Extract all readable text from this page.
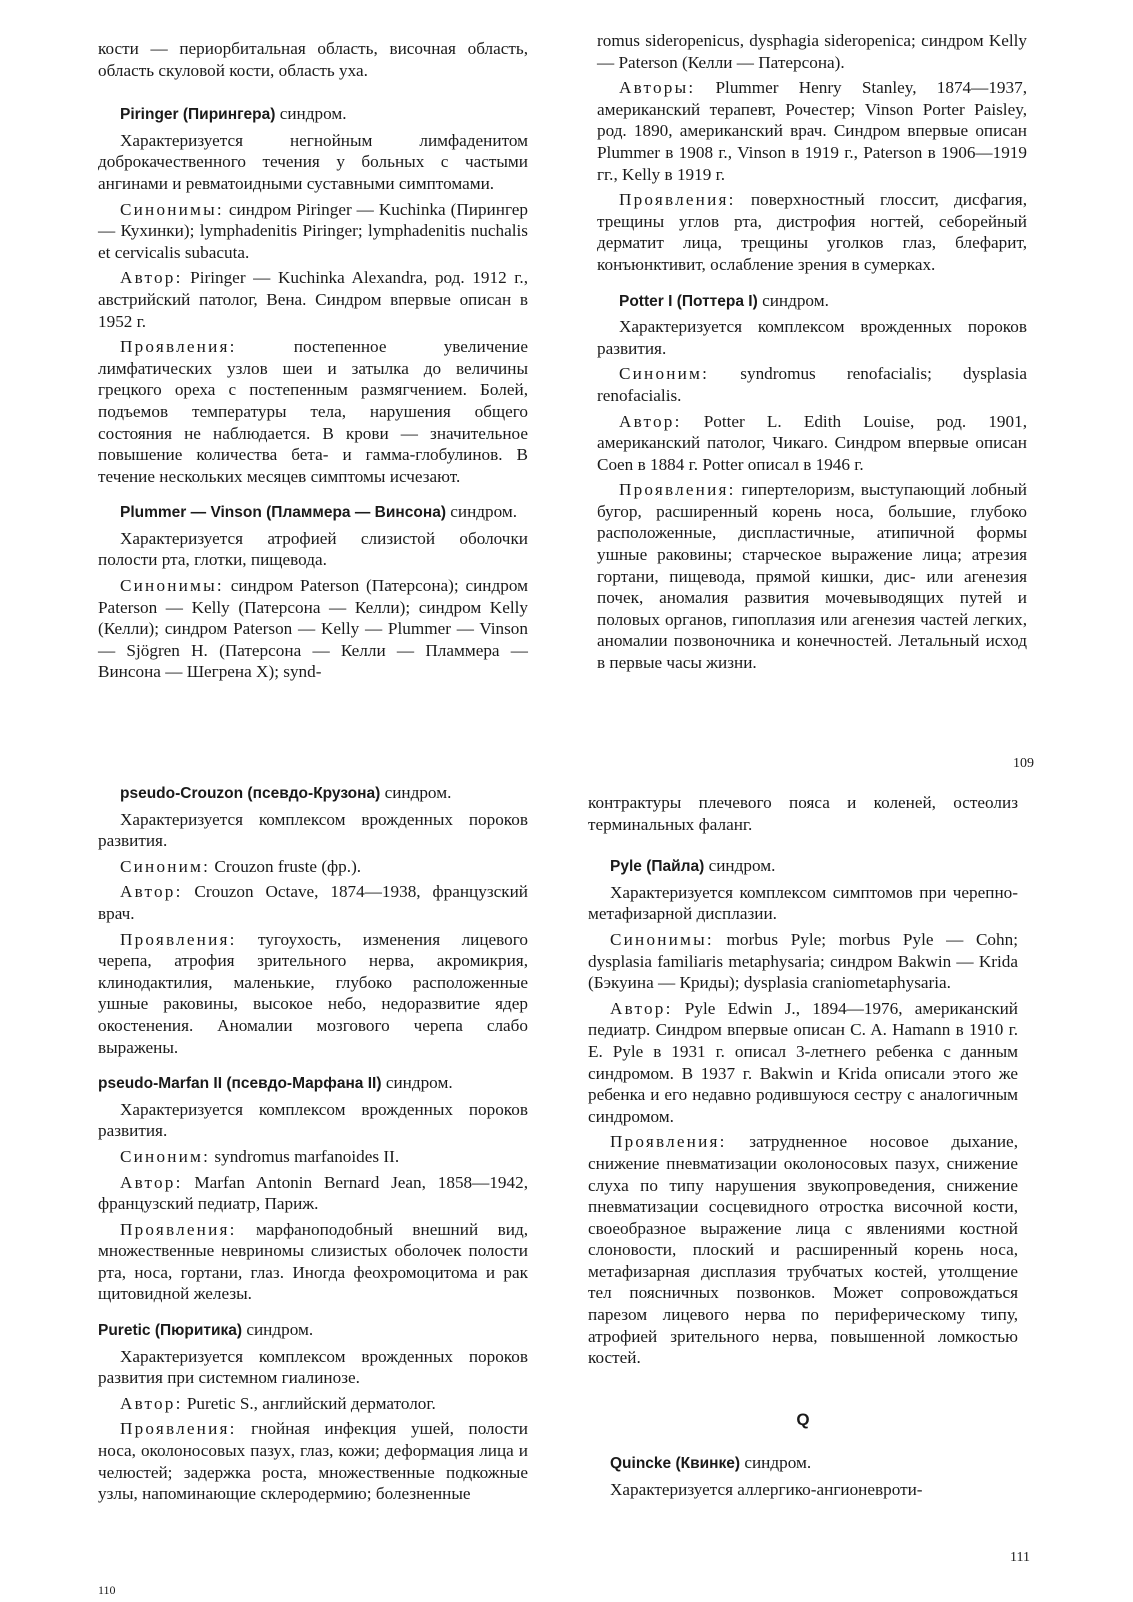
кости — периорбитальная область, височная область, область скуловой кости, область уха.

Piringer (Пирингера) синдром.

Характеризуется негнойным лимфаденитом доброкачественного течения у больных с частыми ангинами и ревматоидными суставными симптомами.

Синонимы: синдром Piringer — Kuchinka (Пирингер — Кухинки); lymphadenitis Piringer; lymphadenitis nuchalis et cervicalis subacuta.

Автор: Piringer — Kuchinka Alexandra, род. 1912 г., австрийский патолог, Вена. Синдром впервые описан в 1952 г.

Проявления: постепенное увеличение лимфатических узлов шеи и затылка до величины грецкого ореха с постепенным размягчением. Болей, подъемов температуры тела, нарушения общего состояния не наблюдается. В крови — значительное повышение количества бета- и гамма-глобулинов. В течение нескольких месяцев симптомы исчезают.

Plummer — Vinson (Пламмера — Винсона) синдром.

Характеризуется атрофией слизистой оболочки полости рта, глотки, пищевода.

Синонимы: синдром Paterson (Патерсона); синдром Paterson — Kelly (Патерсона — Келли); синдром Kelly (Келли); синдром Paterson — Kelly — Plummer — Vinson — Sjögren H. (Патерсона — Келли — Пламмера — Винсона — Шегрена Х); synd-

romus sideropenicus, dysphagia sideropenica; синдром Kelly — Paterson (Келли — Патерсона).

Авторы: Plummer Henry Stanley, 1874—1937, американский терапевт, Рочестер; Vinson Porter Paisley, род. 1890, американский врач. Синдром впервые описан Plummer в 1908 г., Vinson в 1919 г., Paterson в 1906—1919 гг., Kelly в 1919 г.

Проявления: поверхностный глоссит, дисфагия, трещины углов рта, дистрофия ногтей, себорейный дерматит лица, трещины уголков глаз, блефарит, конъюнктивит, ослабление зрения в сумерках.

Potter I (Поттера I) синдром.

Характеризуется комплексом врожденных пороков развития.

Синоним: syndromus renofacialis; dysplasia renofacialis.

Автор: Potter L. Edith Louise, род. 1901, американский патолог, Чикаго. Синдром впервые описан Coen в 1884 г. Potter описал в 1946 г.

Проявления: гипертелоризм, выступающий лобный бугор, расширенный корень носа, большие, глубоко расположенные, диспластичные, атипичной формы ушные раковины; старческое выражение лица; атрезия гортани, пищевода, прямой кишки, дис- или агенезия почек, аномалия развития мочевыводящих путей и половых органов, гипоплазия или агенезия частей легких, аномалии позвоночника и конечностей. Летальный исход в первые часы жизни.

109
pseudo-Crouzon (псевдо-Крузона) синдром.

Характеризуется комплексом врожденных пороков развития.

Синоним: Crouzon fruste (фр.).

Автор: Crouzon Octave, 1874—1938, французский врач.

Проявления: тугоухость, изменения лицевого черепа, атрофия зрительного нерва, акромикрия, клинодактилия, маленькие, глубоко расположенные ушные раковины, высокое небо, недоразвитие ядер окостенения. Аномалии мозгового черепа слабо выражены.

pseudo-Marfan II (псевдо-Марфана II) синдром.

Характеризуется комплексом врожденных пороков развития.

Синоним: syndromus marfanoides II.

Автор: Marfan Antonin Bernard Jean, 1858—1942, французский педиатр, Париж.

Проявления: марфаноподобный внешний вид, множественные невриномы слизистых оболочек полости рта, носа, гортани, глаз. Иногда феохромоцитома и рак щитовидной железы.

Puretic (Пюритика) синдром.

Характеризуется комплексом врожденных пороков развития при системном гиалинозе.

Автор: Puretic S., английский дерматолог.

Проявления: гнойная инфекция ушей, полости носа, околоносовых пазух, глаз, кожи; деформация лица и челюстей; задержка роста, множественные подкожные узлы, напоминающие склеродермию; болезненные

110

контрактуры плечевого пояса и коленей, остеолиз терминальных фаланг.

Pyle (Пайла) синдром.

Характеризуется комплексом симптомов при черепно-метафизарной дисплазии.

Синонимы: morbus Pyle; morbus Pyle — Cohn; dysplasia familiaris metaphysaria; синдром Bakwin — Krida (Бэкуина — Криды); dysplasia craniometaphysaria.

Автор: Pyle Edwin J., 1894—1976, американский педиатр. Синдром впервые описан C. A. Hamann в 1910 г. E. Pyle в 1931 г. описал 3-летнего ребенка с данным синдромом. В 1937 г. Bakwin и Krida описали этого же ребенка и его недавно родившуюся сестру с аналогичным синдромом.

Проявления: затрудненное носовое дыхание, снижение пневматизации околоносовых пазух, снижение слуха по типу нарушения звукопроведения, снижение пневматизации сосцевидного отростка височной кости, своеобразное выражение лица с явлениями костной слоновости, плоский и расширенный корень носа, метафизарная дисплазия трубчатых костей, утолщение тел поясничных позвонков. Может сопровождаться парезом лицевого нерва по периферическому типу, атрофией зрительного нерва, повышенной ломкостью костей.

Q
Quincke (Квинке) синдром.

Характеризуется аллергико-ангионевроти-

111
